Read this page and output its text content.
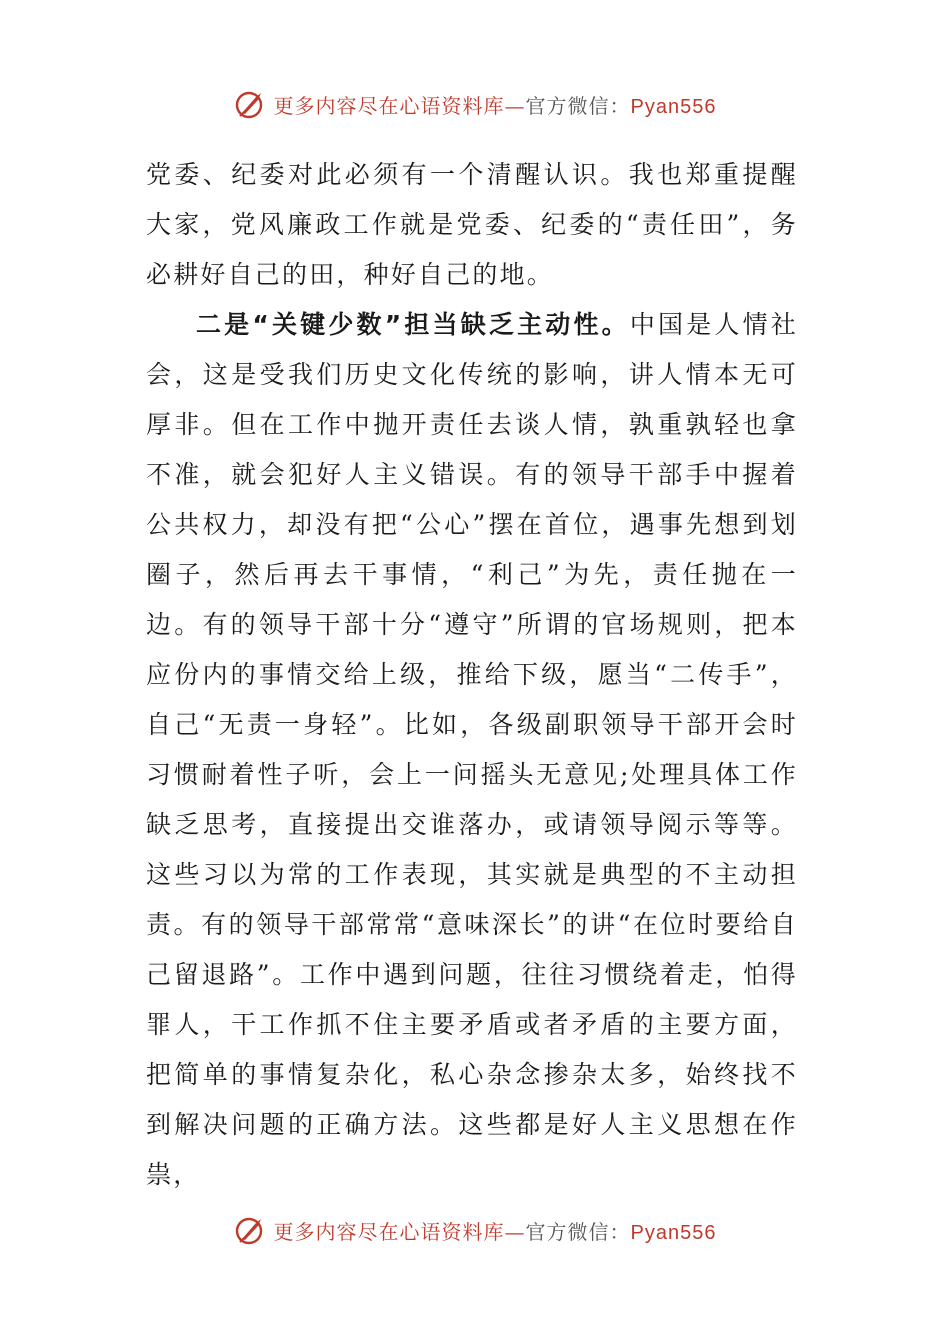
更多内容尽在心语资料库—官方微信：Pyan556

党委、纪委对此必须有一个清醒认识。我也郑重提醒大家，党风廉政工作就是党委、纪委的“责任田”，务必耕好自己的田，种好自己的地。

二是“关键少数”担当缺乏主动性。中国是人情社会，这是受我们历史文化传统的影响，讲人情本无可厚非。但在工作中抛开责任去谈人情，孰重孰轻也拿不准，就会犯好人主义错误。有的领导干部手中握着公共权力，却没有把“公心”摆在首位，遇事先想到划圈子，然后再去干事情，“利己”为先，责任抛在一边。有的领导干部十分“遵守”所谓的官场规则，把本应份内的事情交给上级，推给下级，愿当“二传手”，自己“无责一身轻”。比如，各级副职领导干部开会时习惯耐着性子听，会上一问摇头无意见;处理具体工作缺乏思考，直接提出交谁落办，或请领导阅示等等。这些习以为常的工作表现，其实就是典型的不主动担责。有的领导干部常常“意味深长”的讲“在位时要给自己留退路”。工作中遇到问题，往往习惯绕着走，怕得罪人，干工作抓不住主要矛盾或者矛盾的主要方面，把简单的事情复杂化，私心杂念掺杂太多，始终找不到解决问题的正确方法。这些都是好人主义思想在作祟，

更多内容尽在心语资料库—官方微信：Pyan556
